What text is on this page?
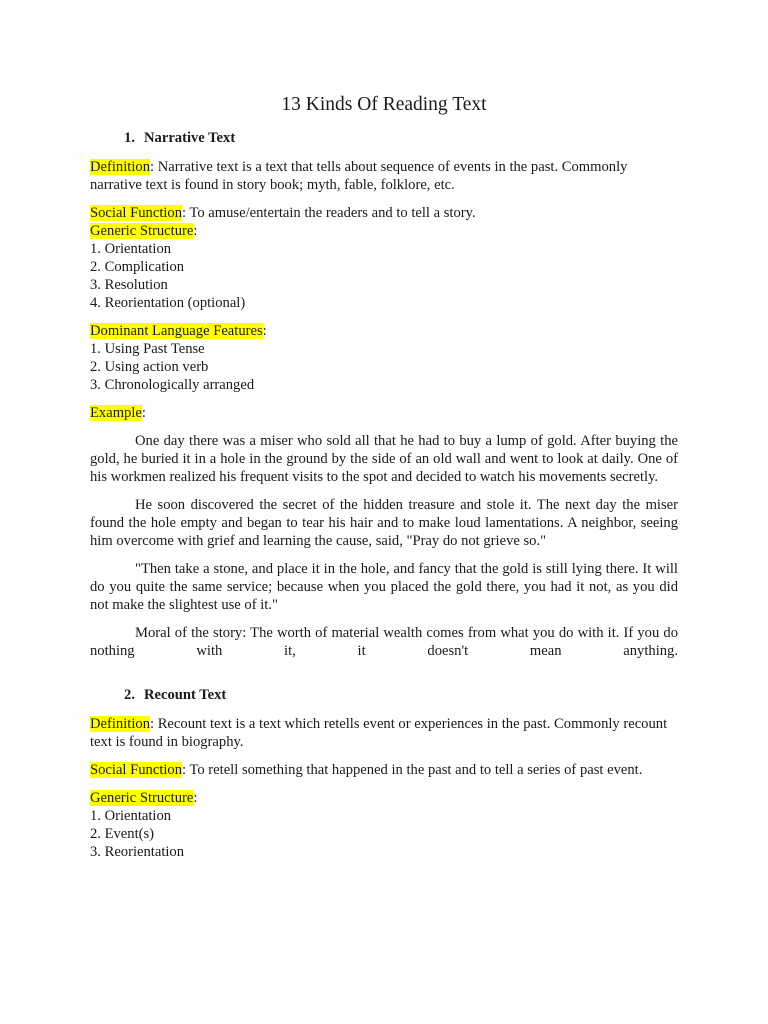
13 Kinds Of Reading Text
1. Narrative Text

Definition: Narrative text is a text that tells about sequence of events in the past. Commonly narrative text is found in story book; myth, fable, folklore, etc.

Social Function: To amuse/entertain the readers and to tell a story.
Generic Structure:
1. Orientation
2. Complication
3. Resolution
4. Reorientation (optional)
Dominant Language Features:
1. Using Past Tense
2. Using action verb
3. Chronologically arranged

Example:

One day there was a miser who sold all that he had to buy a lump of gold. After buying the gold, he buried it in a hole in the ground by the side of an old wall and went to look at daily. One of his workmen realized his frequent visits to the spot and decided to watch his movements secretly.

He soon discovered the secret of the hidden treasure and stole it. The next day the miser found the hole empty and began to tear his hair and to make loud lamentations. A neighbor, seeing him overcome with grief and learning the cause, said, "Pray do not grieve so."

"Then take a stone, and place it in the hole, and fancy that the gold is still lying there. It will do you quite the same service; because when you placed the gold there, you had it not, as you did not make the slightest use of it."

Moral of the story: The worth of material wealth comes from what you do with it. If you do nothing with it, it doesn't mean anything.

2. Recount Text

Definition: Recount text is a text which retells event or experiences in the past. Commonly recount text is found in biography.

Social Function: To retell something that happened in the past and to tell a series of past event.

Generic Structure:
1. Orientation
2. Event(s)
3. Reorientation
